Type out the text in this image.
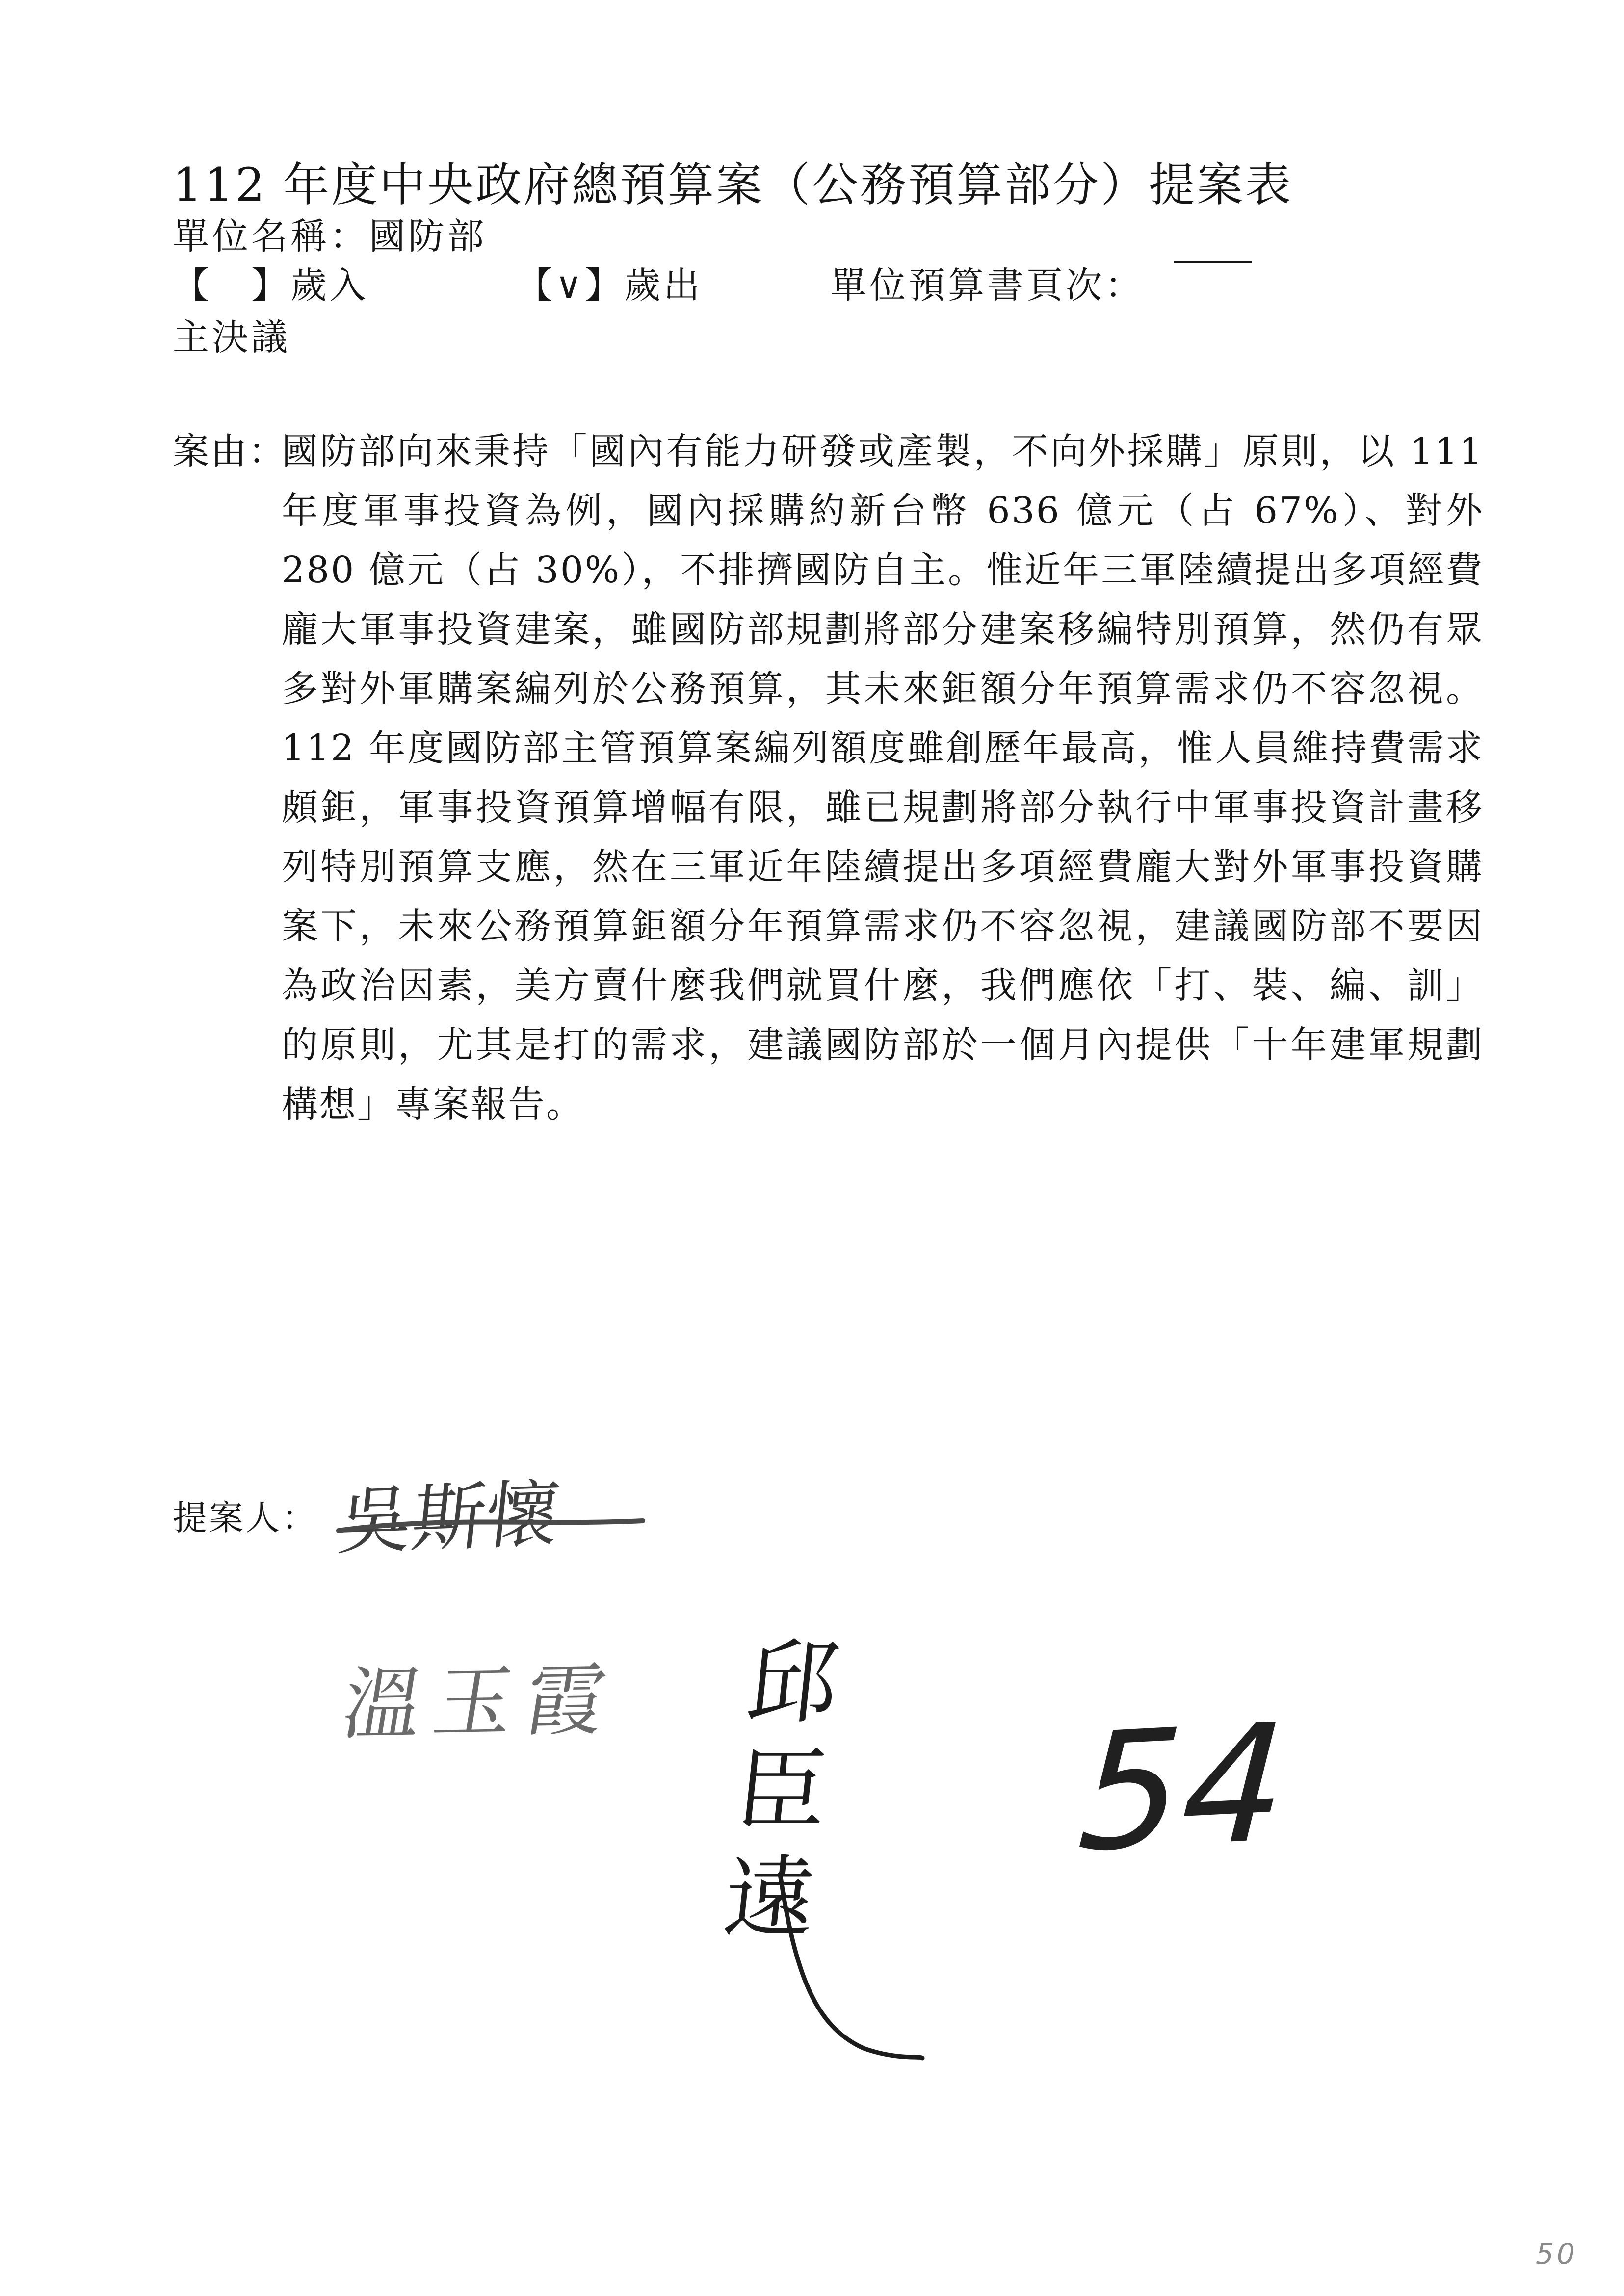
112 年度中央政府總預算案（公務預算部分）提案表
單位名稱：國防部
【　】歲入	【∨】歲出	單位預算書頁次：
主決議
案由：
國防部向來秉持「國內有能力研發或產製，不向外採購」原則，以 111 年度軍事投資為例，國內採購約新台幣 636 億元（占 67%）、對外 280 億元（占 30%），不排擠國防自主。惟近年三軍陸續提出多項經費龐大軍事投資建案，雖國防部規劃將部分建案移編特別預算，然仍有眾多對外軍購案編列於公務預算，其未來鉅額分年預算需求仍不容忽視。112 年度國防部主管預算案編列額度雖創歷年最高，惟人員維持費需求頗鉅，軍事投資預算增幅有限，雖已規劃將部分執行中軍事投資計畫移列特別預算支應，然在三軍近年陸續提出多項經費龐大對外軍事投資購案下，未來公務預算鉅額分年預算需求仍不容忽視，建議國防部不要因為政治因素，美方賣什麼我們就買什麼，我們應依「打、裝、編、訓」的原則，尤其是打的需求，建議國防部於一個月內提供「十年建軍規劃構想」專案報告。
提案人： 吳斯懷
溫玉霞 邱臣遠
54
50
